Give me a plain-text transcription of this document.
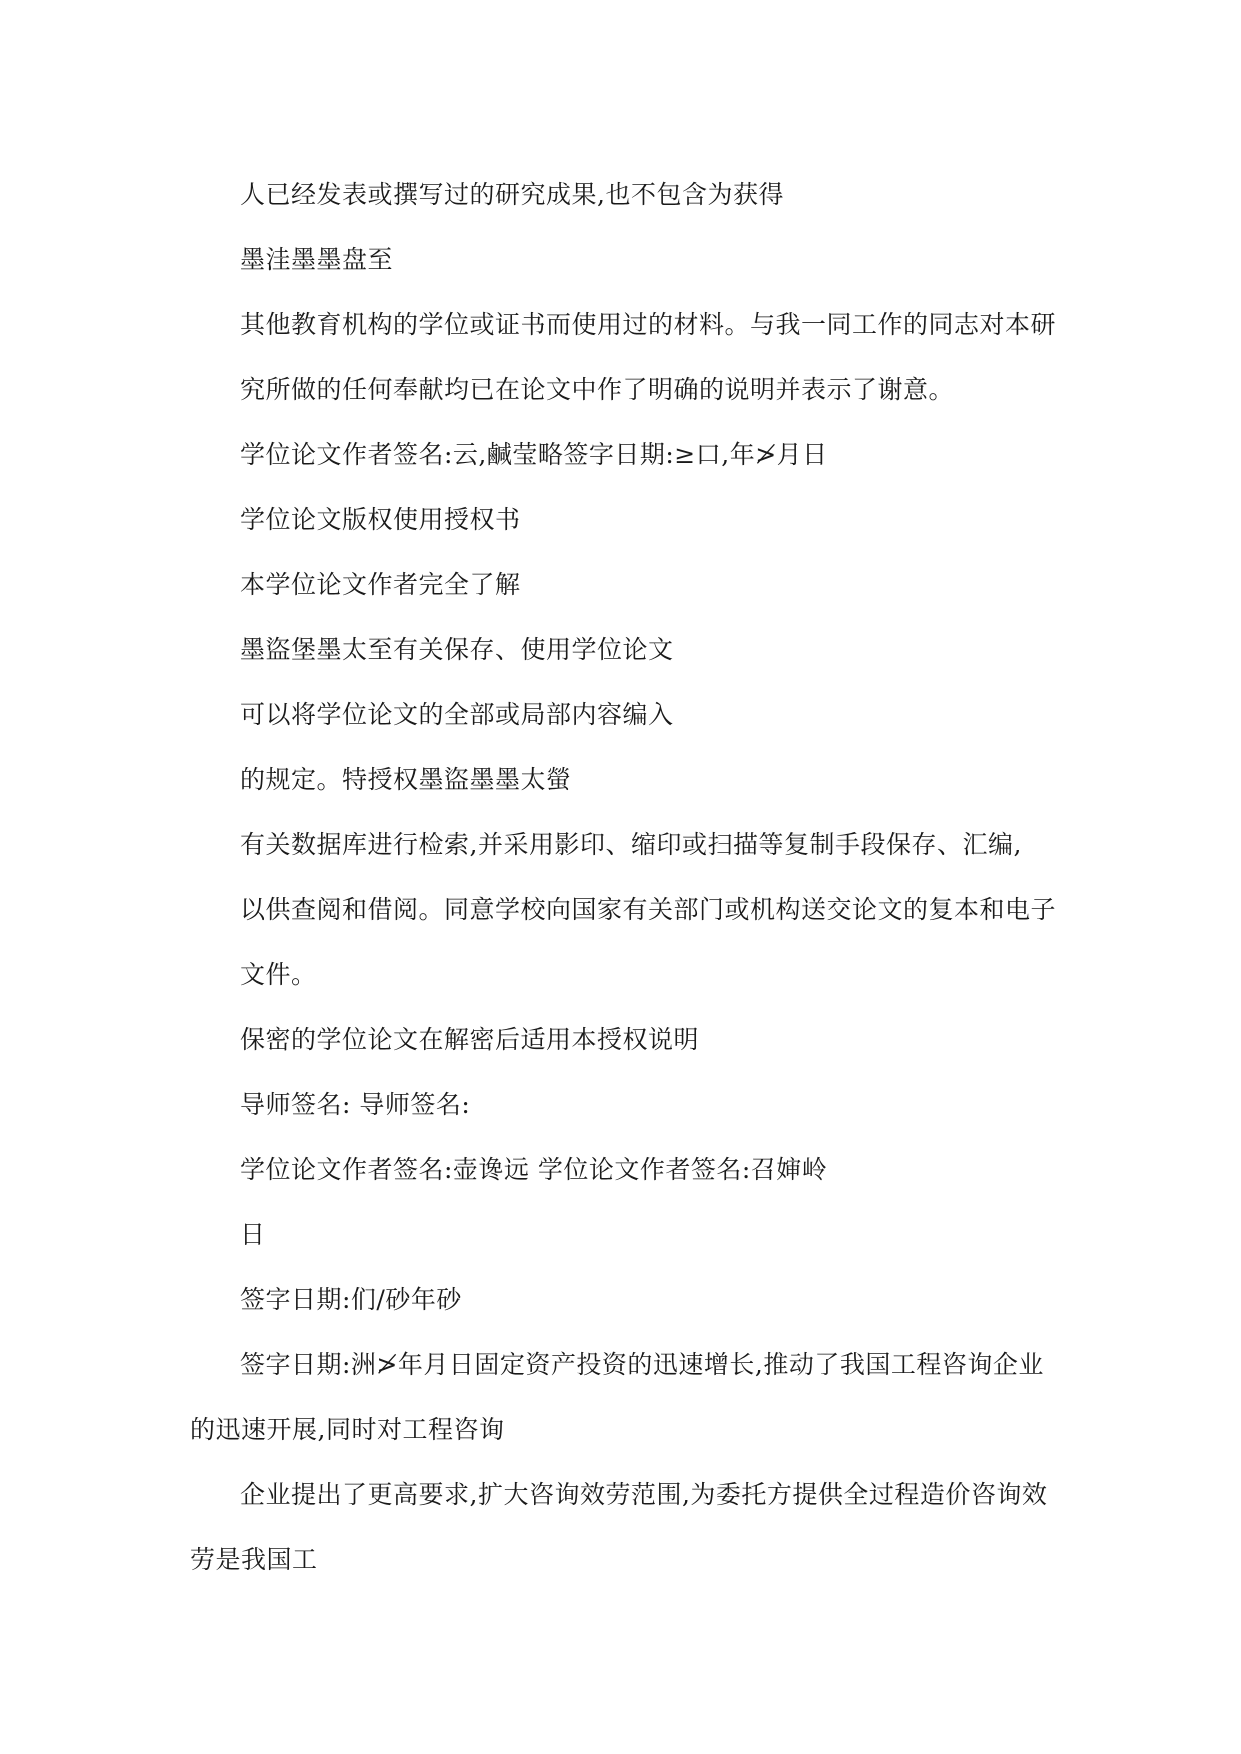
人已经发表或撰写过的研究成果,也不包含为获得
墨洼墨墨盘至
其他教育机构的学位或证书而使用过的材料。与我一同工作的同志对本研
究所做的任何奉献均已在论文中作了明确的说明并表示了谢意。
学位论文作者签名:云,鹹莹略签字日期:≥口,年≯月日
学位论文版权使用授权书
本学位论文作者完全了解
墨盜堡墨太至有关保存、使用学位论文
可以将学位论文的全部或局部内容编入
的规定。特授权墨盜墨墨太螢
有关数据库进行检索,并采用影印、缩印或扫描等复制手段保存、汇编,
以供查阅和借阅。同意学校向国家有关部门或机构送交论文的复本和电子
文件。
保密的学位论文在解密后适用本授权说明
导师签名: 导师签名:
学位论文作者签名:壶谗远 学位论文作者签名:召婶岭
日
签字日期:们/砂年砂
签字日期:洲≯年月日固定资产投资的迅速增长,推动了我国工程咨询企业
的迅速开展,同时对工程咨询
企业提出了更高要求,扩大咨询效劳范围,为委托方提供全过程造价咨询效
劳是我国工
